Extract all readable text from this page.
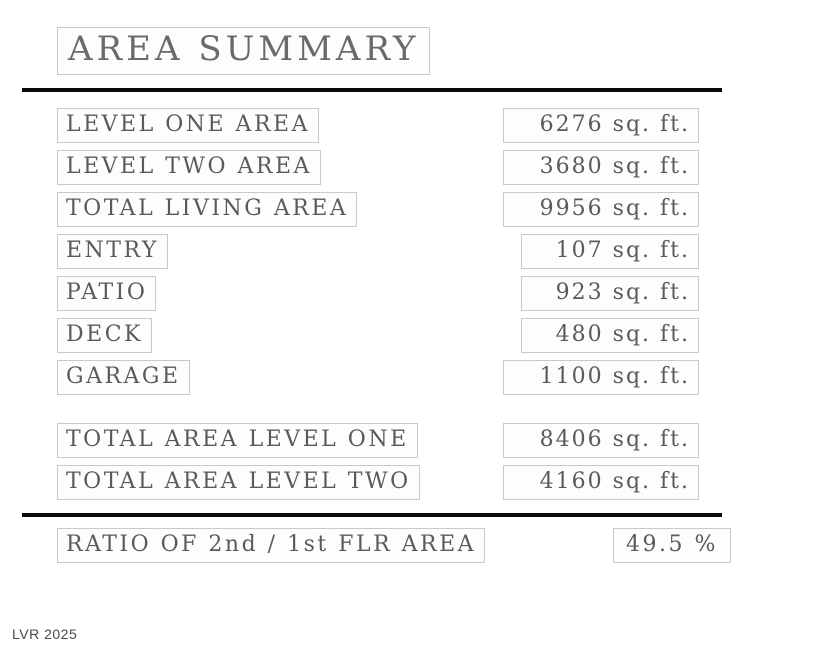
AREA SUMMARY
LEVEL ONE AREA	6276 sq. ft.
LEVEL TWO AREA	3680 sq. ft.
TOTAL LIVING AREA	9956 sq. ft.
ENTRY	107 sq. ft.
PATIO	923 sq. ft.
DECK	480 sq. ft.
GARAGE	1100 sq. ft.
TOTAL AREA LEVEL ONE	8406 sq. ft.
TOTAL AREA LEVEL TWO	4160 sq. ft.
RATIO OF 2nd / 1st FLR AREA	49.5 %
LVR 2025
